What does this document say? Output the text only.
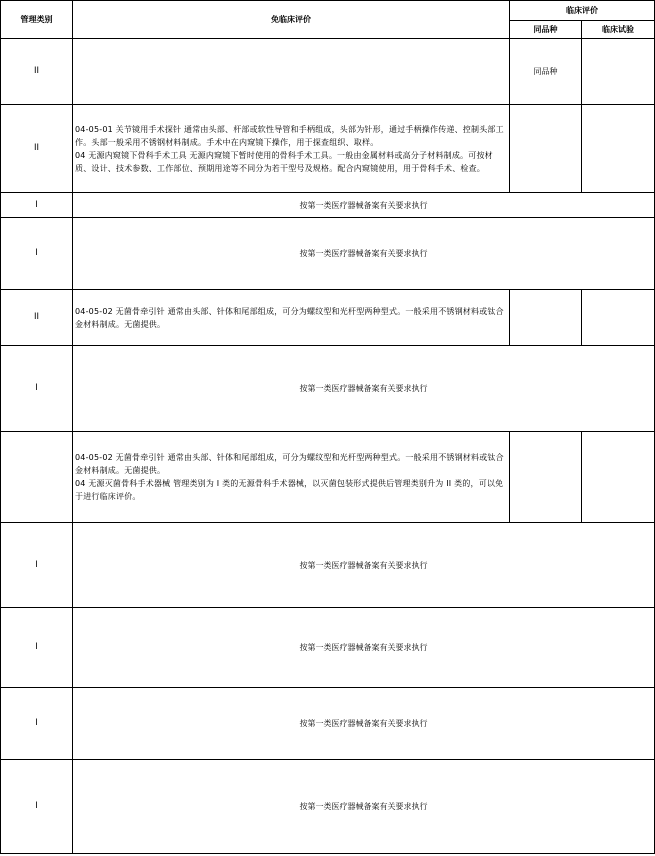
管理类别	免临床评价	临床评价	
		同品种	临床试验
II		同品种	
II	04-05-01 关节镜用手术探针 通常由头部、杆部或软性导管和手柄组成，头部为针形，通过手柄操作传递、控制头部工作。头部一般采用不锈钢材料制成。手术中在内窥镜下操作，用于探查组织、取样。
04 无源内窥镜下骨科手术工具 无源内窥镜下暂时使用的骨科手术工具。一般由金属材料或高分子材料制成。可按材质、设计、技术参数、工作部位、预期用途等不同分为若干型号及规格。配合内窥镜使用，用于骨科手术、检查。		

I	按第一类医疗器械备案有关要求执行		
I	按第一类医疗器械备案有关要求执行		
II	04-05-02 无菌骨牵引针 通常由头部、针体和尾部组成，可分为螺纹型和光杆型两种型式。一般采用不锈钢材料或钛合金材料制成。无菌提供。		

I	按第一类医疗器械备案有关要求执行		

	04-05-02 无菌骨牵引针 通常由头部、针体和尾部组成，可分为螺纹型和光杆型两种型式。一般采用不锈钢材料或钛合金材料制成。无菌提供。
04 无源灭菌骨科手术器械 管理类别为 I 类的无源骨科手术器械，以灭菌包装形式提供后管理类别升为 II 类的，可以免于进行临床评价。		

I	按第一类医疗器械备案有关要求执行		
I	按第一类医疗器械备案有关要求执行		
I	按第一类医疗器械备案有关要求执行		
I	按第一类医疗器械备案有关要求执行		
